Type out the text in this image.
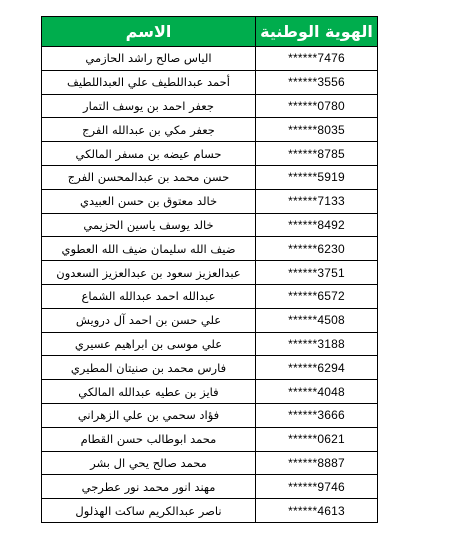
الاسم	الهوية الوطنية
الياس صالح راشد الحازمي	******7476
أحمد عبداللطيف علي العبداللطيف	******3556
جعفر احمد بن يوسف التمار	******0780
جعفر مكي بن عبدالله الفرج	******8035
حسام عيضه بن مسفر المالكي	******8785
حسن محمد بن عبدالمحسن الفرج	******5919
خالد معتوق بن حسن العبيدي	******7133
خالد يوسف ياسين الحزيمي	******8492
ضيف الله سليمان ضيف الله العطوي	******6230
عبدالعزيز سعود بن عبدالعزيز السعدون	******3751
عبدالله احمد عبدالله الشماع	******6572
علي حسن بن احمد آل درويش	******4508
علي موسى بن ابراهيم عسيري	******3188
فارس محمد بن صنيتان المطيري	******6294
فايز بن عطيه عبدالله المالكي	******4048
فؤاد سحمي بن علي الزهراني	******3666
محمد ابوطالب حسن القطام	******0621
محمد صالح يحي ال بشر	******8887
مهند انور محمد نور عطرجي	******9746
ناصر عبدالكريم ساكت الهذلول	******4613
